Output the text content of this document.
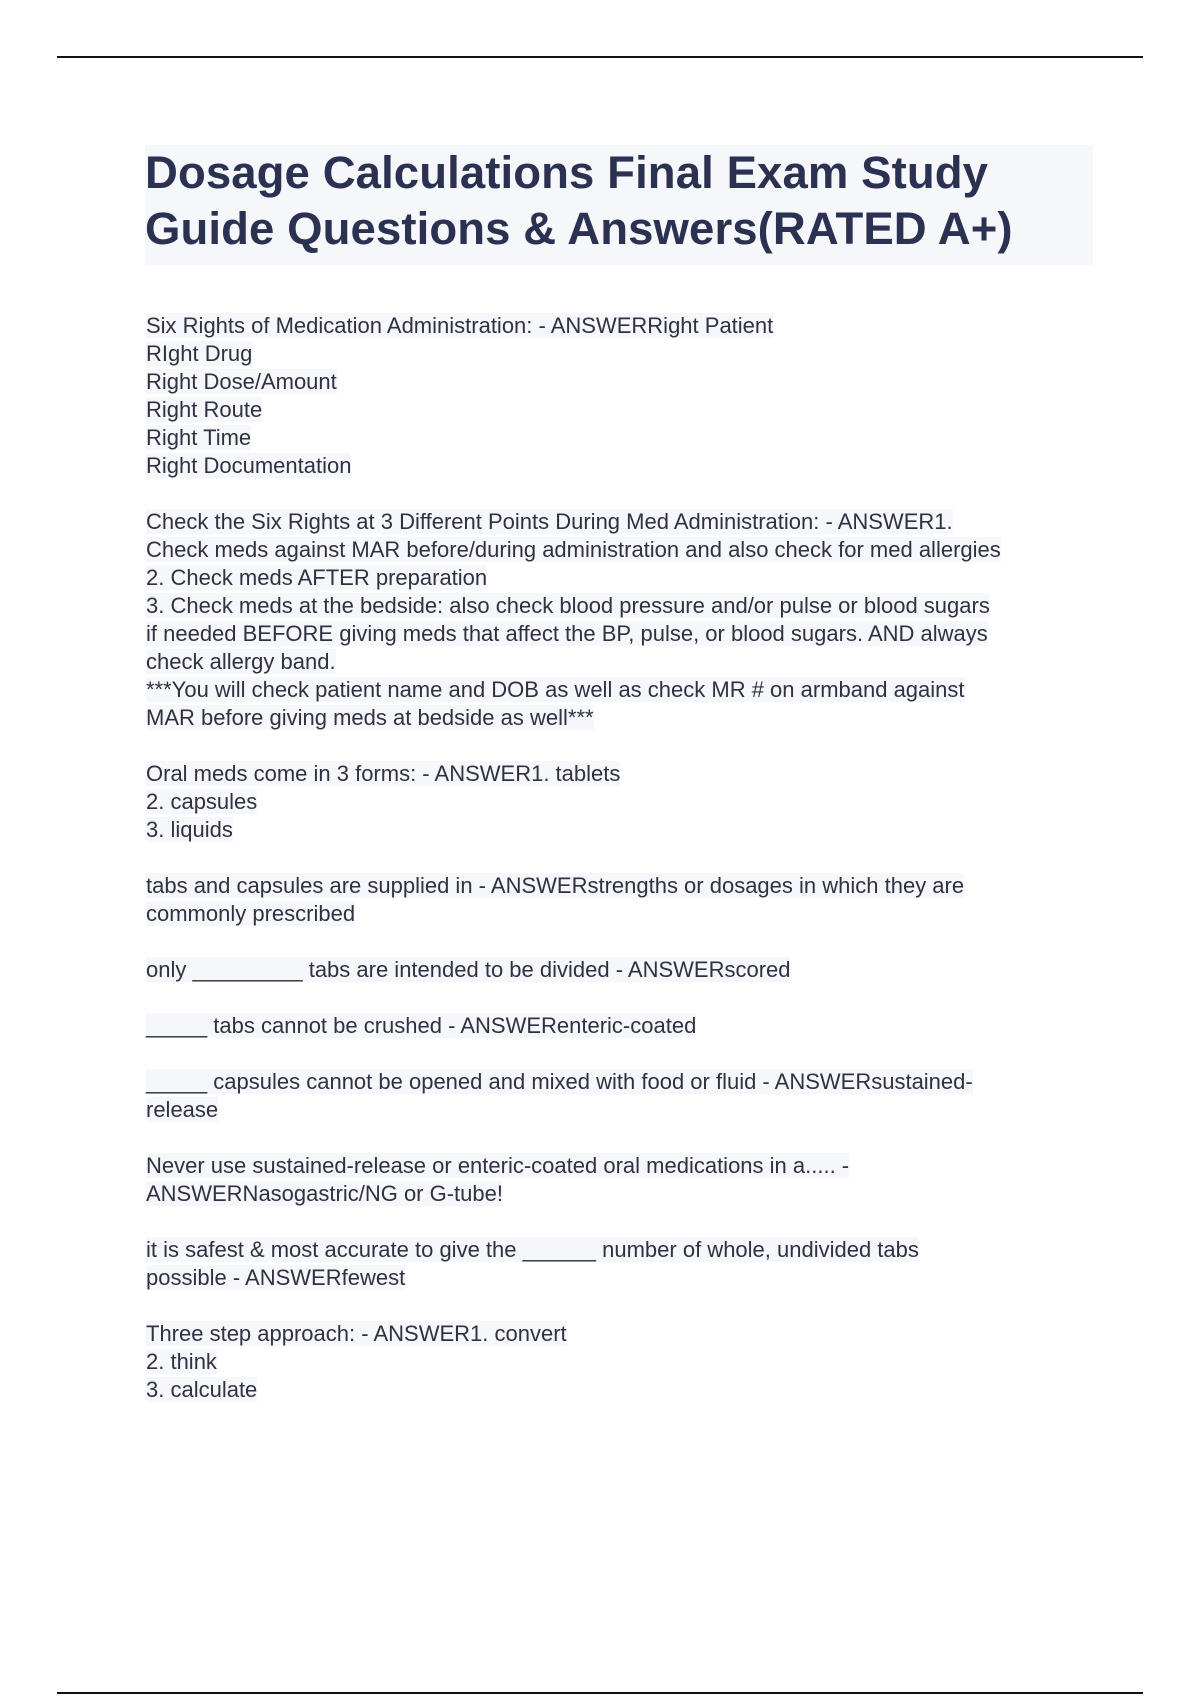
Dosage Calculations Final Exam Study
Guide Questions & Answers(RATED A+)
Six Rights of Medication Administration: - ANSWERRight Patient
RIght Drug
Right Dose/Amount
Right Route
Right Time
Right Documentation
Check the Six Rights at 3 Different Points During Med Administration: - ANSWER1.
Check meds against MAR before/during administration and also check for med allergies
2. Check meds AFTER preparation
3. Check meds at the bedside: also check blood pressure and/or pulse or blood sugars
if needed BEFORE giving meds that affect the BP, pulse, or blood sugars. AND always
check allergy band.
***You will check patient name and DOB as well as check MR # on armband against
MAR before giving meds at bedside as well***
Oral meds come in 3 forms: - ANSWER1. tablets
2. capsules
3. liquids
tabs and capsules are supplied in - ANSWERstrengths or dosages in which they are
commonly prescribed
only _________ tabs are intended to be divided - ANSWERscored
_____ tabs cannot be crushed - ANSWERenteric-coated
_____ capsules cannot be opened and mixed with food or fluid - ANSWERsustained-
release
Never use sustained-release or enteric-coated oral medications in a..... -
ANSWERNasogastric/NG or G-tube!
it is safest & most accurate to give the ______ number of whole, undivided tabs
possible - ANSWERfewest
Three step approach: - ANSWER1. convert
2. think
3. calculate
